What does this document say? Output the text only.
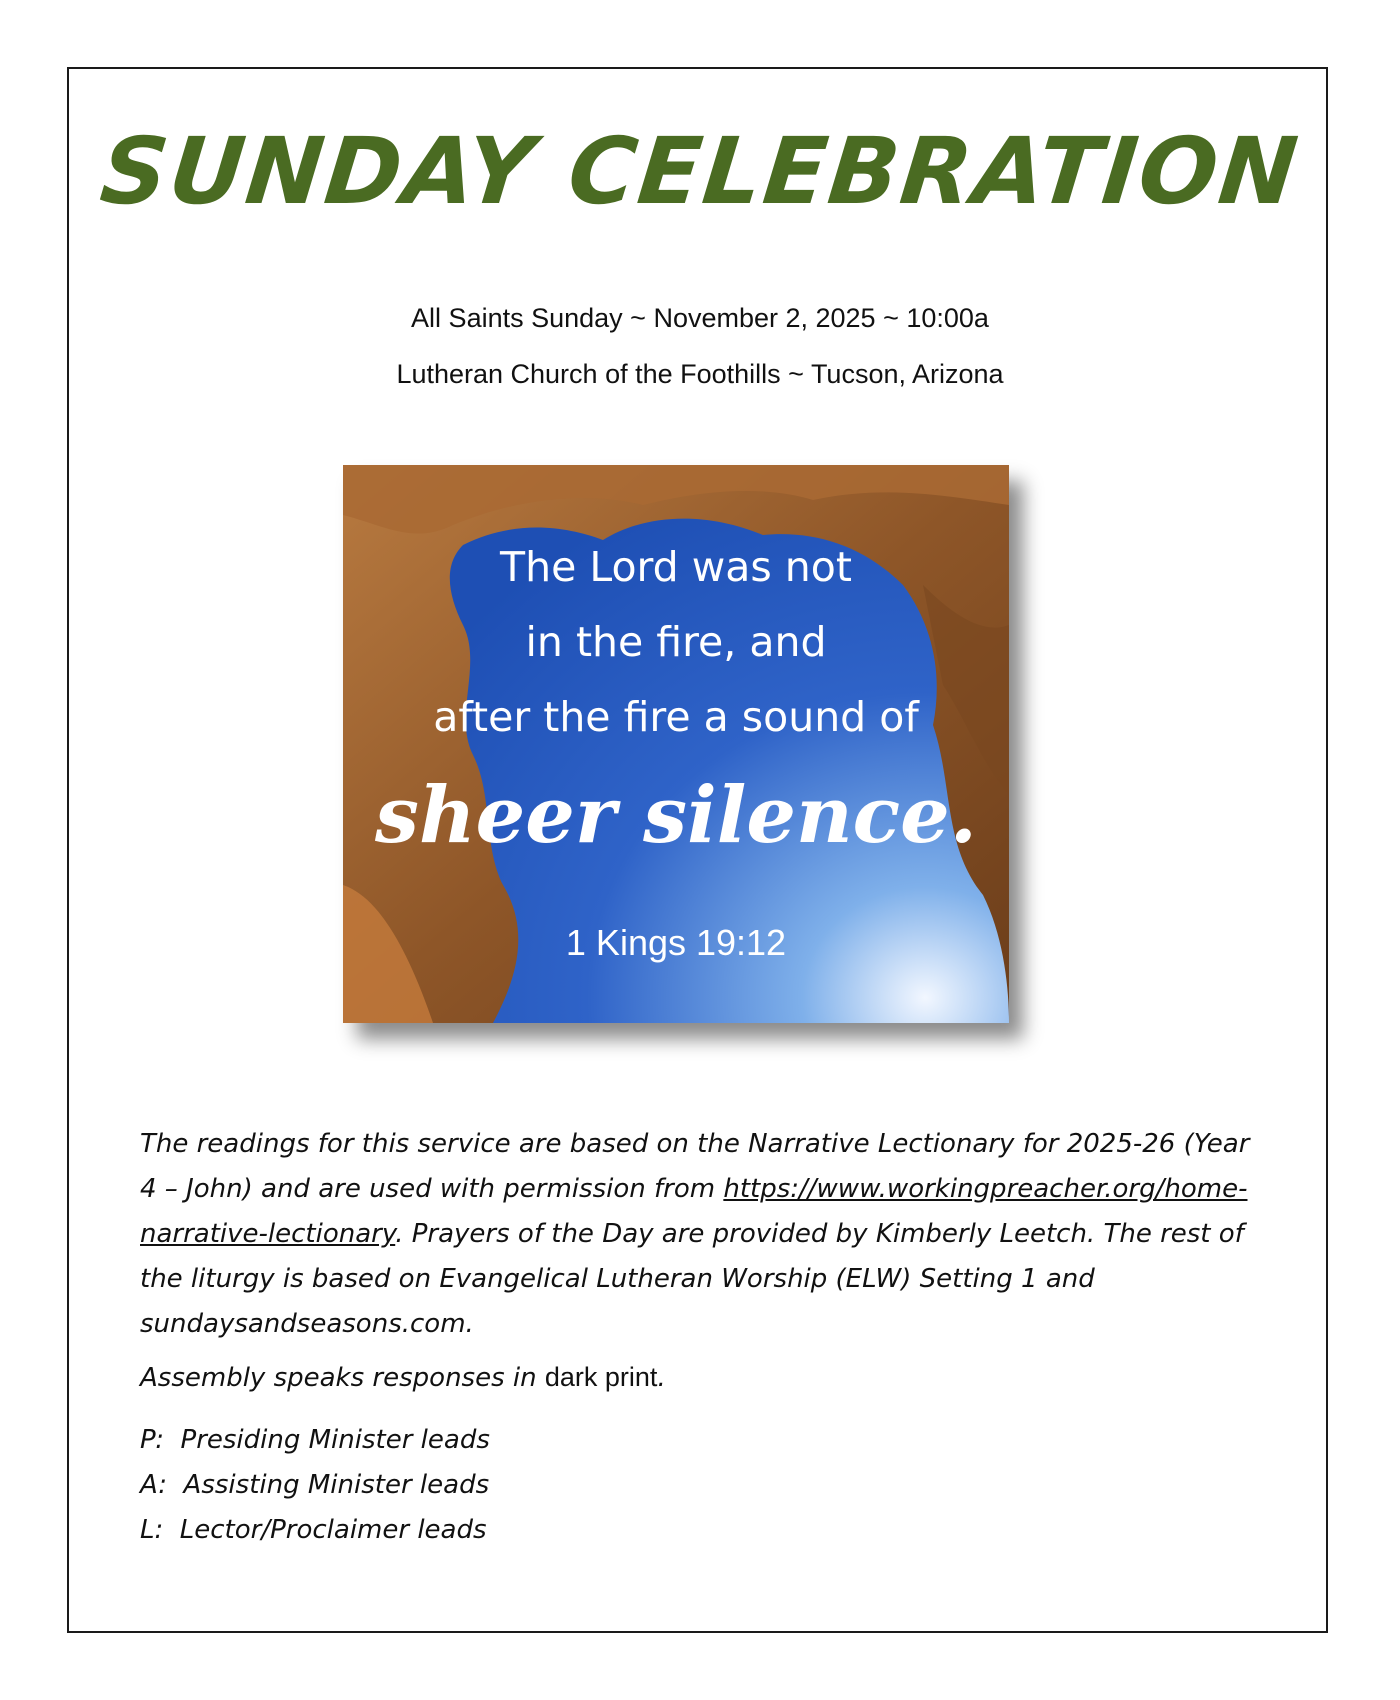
SUNDAY CELEBRATION
All Saints Sunday ~ November 2, 2025 ~ 10:00a
Lutheran Church of the Foothills ~ Tucson, Arizona
The Lord was not
in the fire, and
after the fire a sound of
sheer silence.
1 Kings 19:12
The readings for this service are based on the Narrative Lectionary for 2025-26 (Year 4 – John) and are used with permission from https://www.workingpreacher.org/home-narrative-lectionary. Prayers of the Day are provided by Kimberly Leetch. The rest of the liturgy is based on Evangelical Lutheran Worship (ELW) Setting 1 and sundaysandseasons.com.
Assembly speaks responses in dark print.
P:  Presiding Minister leads
A:  Assisting Minister leads
L:  Lector/Proclaimer leads
